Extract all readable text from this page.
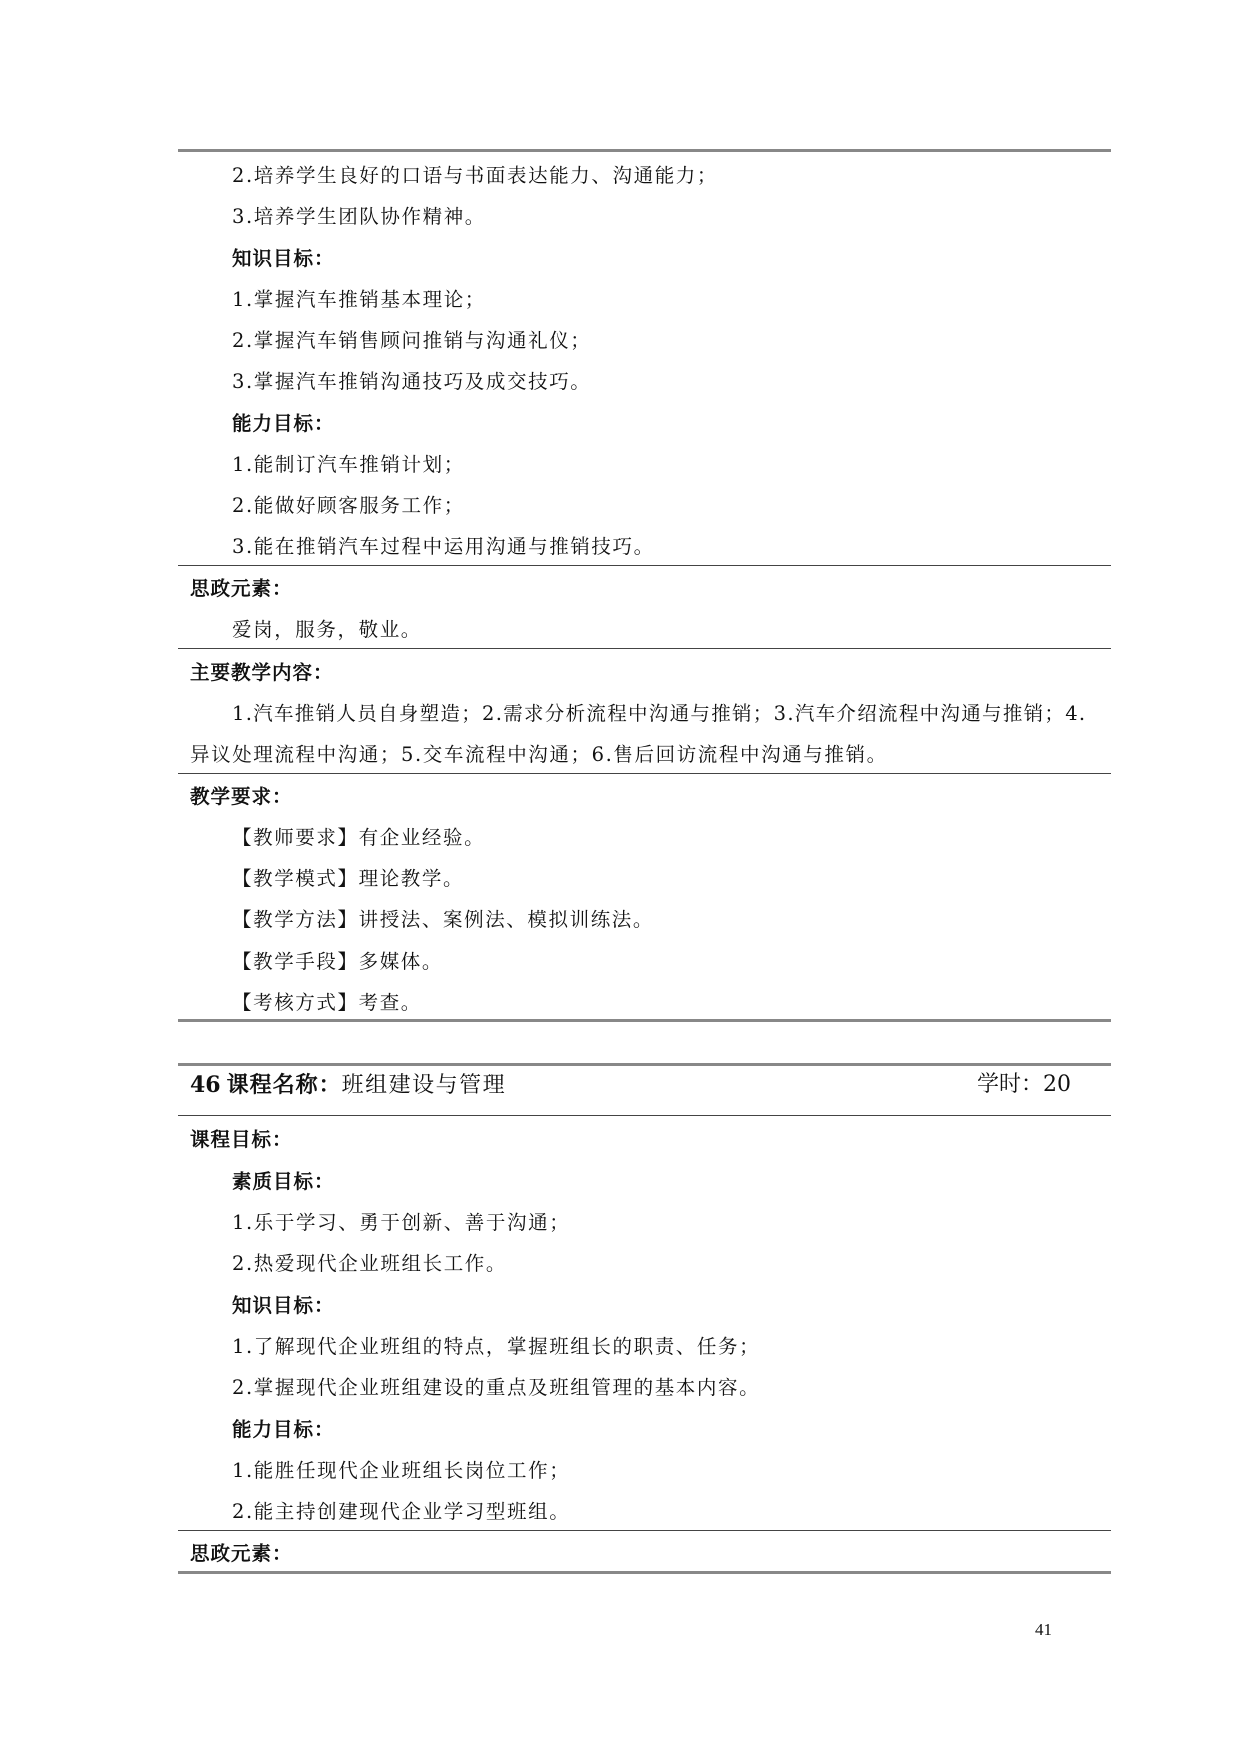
2.培养学生良好的口语与书面表达能力、沟通能力；
3.培养学生团队协作精神。
知识目标：
1.掌握汽车推销基本理论；
2.掌握汽车销售顾问推销与沟通礼仪；
3.掌握汽车推销沟通技巧及成交技巧。
能力目标：
1.能制订汽车推销计划；
2.能做好顾客服务工作；
3.能在推销汽车过程中运用沟通与推销技巧。
思政元素：
爱岗，服务，敬业。
主要教学内容：
1.汽车推销人员自身塑造；2.需求分析流程中沟通与推销；3.汽车介绍流程中沟通与推销；4.
异议处理流程中沟通；5.交车流程中沟通；6.售后回访流程中沟通与推销。
教学要求：
【教师要求】有企业经验。
【教学模式】理论教学。
【教学方法】讲授法、案例法、模拟训练法。
【教学手段】多媒体。
【考核方式】考查。
46 课程名称：班组建设与管理	学时：20
课程目标：
素质目标：
1.乐于学习、勇于创新、善于沟通；
2.热爱现代企业班组长工作。
知识目标：
1.了解现代企业班组的特点，掌握班组长的职责、任务；
2.掌握现代企业班组建设的重点及班组管理的基本内容。
能力目标：
1.能胜任现代企业班组长岗位工作；
2.能主持创建现代企业学习型班组。
思政元素：
41
